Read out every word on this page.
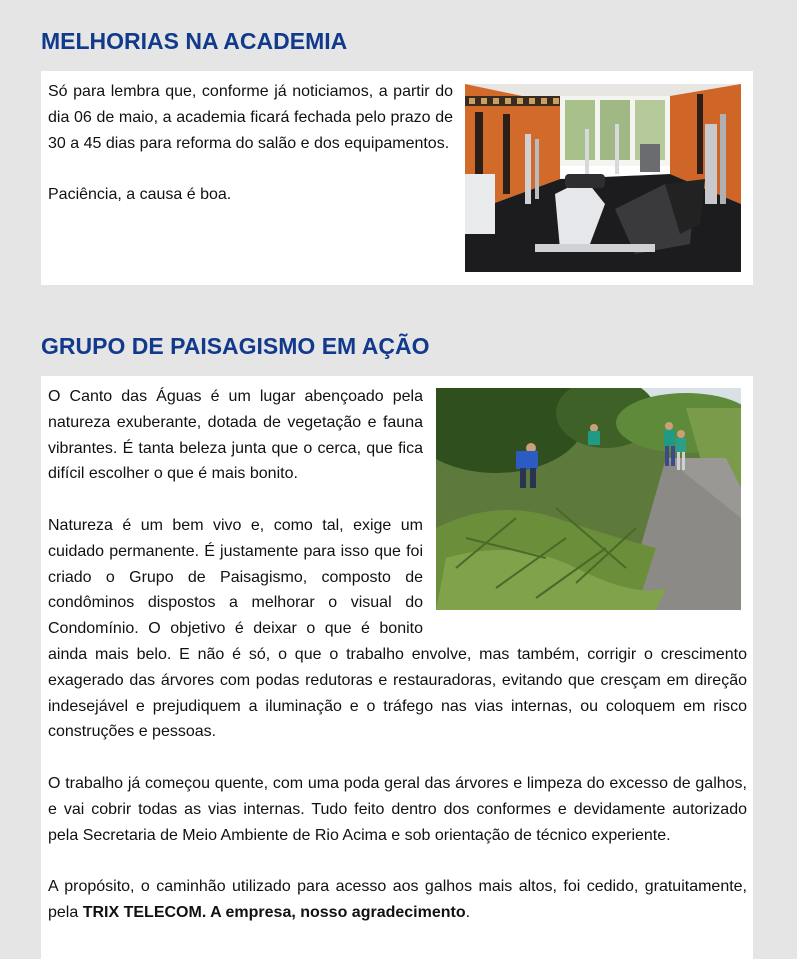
MELHORIAS NA ACADEMIA

Só para lembra que, conforme já noticiamos, a partir do dia 06 de maio, a academia ficará fechada pelo prazo de 30 a 45 dias para reforma do salão e dos equipamentos.

Paciência, a causa é boa.

GRUPO DE PAISAGISMO EM AÇÃO

O Canto das Águas é um lugar abençoado pela natureza exuberante, dotada de vegetação e fauna vibrantes. É tanta beleza junta que o cerca, que fica difícil escolher o que é mais bonito.

Natureza é um bem vivo e, como tal, exige um cuidado permanente. É justamente para isso que foi criado o Grupo de Paisagismo, composto de condôminos dispostos a melhorar o visual do Condomínio. O objetivo é deixar o que é bonito ainda mais belo. E não é só, o que o trabalho envolve, mas também, corrigir o crescimento exagerado das árvores com podas redutoras e restauradoras, evitando que cresçam em direção indesejável e prejudiquem a iluminação e o tráfego nas vias internas, ou coloquem em risco construções e pessoas.

O trabalho já começou quente, com uma poda geral das árvores e limpeza do excesso de galhos, e vai cobrir todas as vias internas. Tudo feito dentro dos conformes e devidamente autorizado pela Secretaria de Meio Ambiente de Rio Acima e sob orientação de técnico experiente.

A propósito, o caminhão utilizado para acesso aos galhos mais altos, foi cedido, gratuitamente, pela TRIX TELECOM. A empresa, nosso agradecimento.
